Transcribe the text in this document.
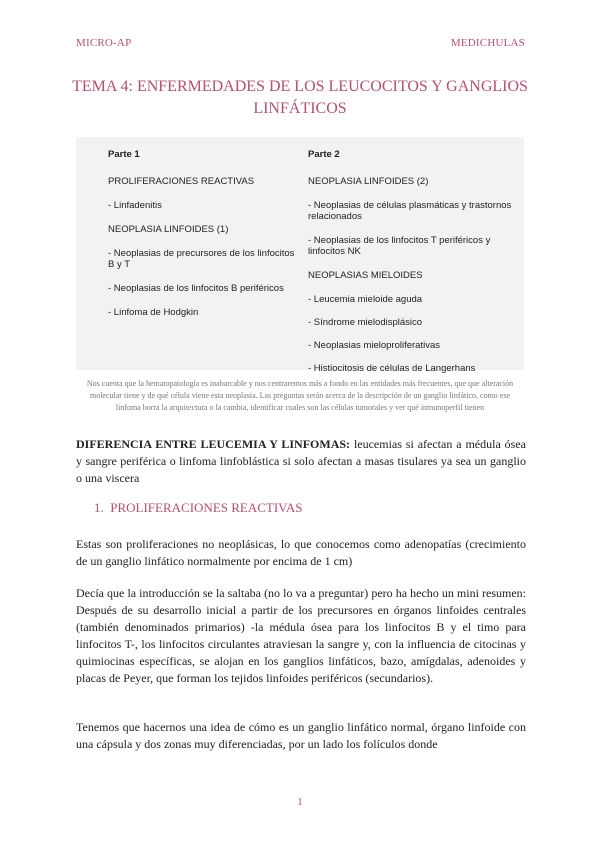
MICRO-AP	MEDICHULAS
TEMA 4: ENFERMEDADES DE LOS LEUCOCITOS Y GANGLIOS LINFÁTICOS
Parte 1
PROLIFERACIONES REACTIVAS
- Linfadenitis
NEOPLASIA LINFOIDES (1)
- Neoplasias de precursores de los linfocitos B y T
- Neoplasias de los linfocitos B periféricos
- Linfoma de Hodgkin
Parte 2
NEOPLASIA LINFOIDES (2)
- Neoplasias de células plasmáticas y trastornos relacionados
- Neoplasias de los linfocitos T periféricos y linfocitos NK
NEOPLASIAS MIELOIDES
- Leucemia mieloide aguda
- Síndrome mielodisplásico
- Neoplasias mieloproliferativas
- Histiocitosis de células de Langerhans
Nos cuenta que la hematopatología es inabarcable y nos centraremos más a fondo en las entidades más frecuentes, que que alteración molecular tiene y de qué célula viene esta neoplasia. Las preguntas serán acerca de la descripción de un ganglio linfático, como ese linfoma borra la arquitectura o la cambia, identificar cuales son las células tumorales y ver qué inmunoperfil tienen
DIFERENCIA ENTRE LEUCEMIA Y LINFOMAS: leucemias si afectan a médula ósea y sangre periférica o linfoma linfoblástica si solo afectan a masas tisulares ya sea un ganglio o una viscera
1. PROLIFERACIONES REACTIVAS
Estas son proliferaciones no neoplásicas, lo que conocemos como adenopatías (crecimiento de un ganglio linfático normalmente por encima de 1 cm)
Decía que la introducción se la saltaba (no lo va a preguntar) pero ha hecho un mini resumen: Después de su desarrollo inicial a partir de los precursores en órganos linfoides centrales (también denominados primarios) -la médula ósea para los linfocitos B y el timo para linfocitos T-, los linfocitos circulantes atraviesan la sangre y, con la influencia de citocinas y quimiocinas específicas, se alojan en los ganglios linfáticos, bazo, amígdalas, adenoides y placas de Peyer, que forman los tejidos linfoides periféricos (secundarios).
Tenemos que hacernos una idea de cómo es un ganglio linfático normal, órgano linfoide con una cápsula y dos zonas muy diferenciadas, por un lado los folículos donde
1
